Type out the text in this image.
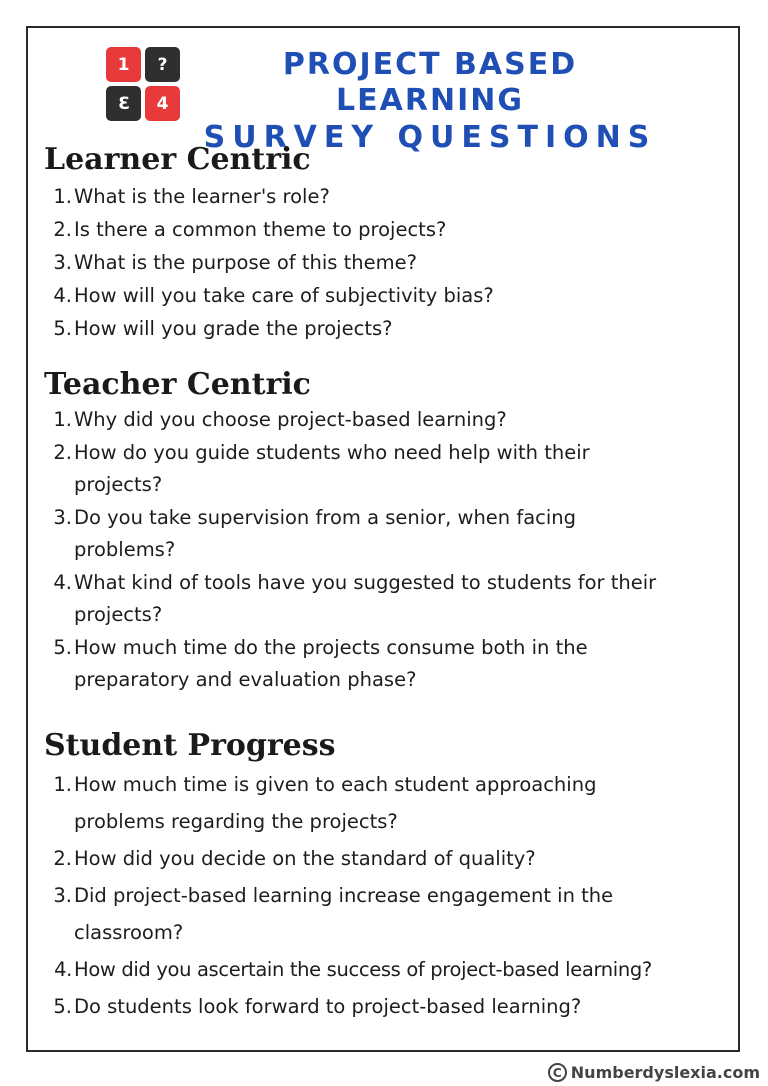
1	?
3	4
PROJECT BASED LEARNING
SURVEY QUESTIONS
Learner Centric
1. What is the learner's role?
2. Is there a common theme to projects?
3. What is the purpose of this theme?
4. How will you take care of subjectivity bias?
5. How will you grade the projects?
Teacher Centric
1. Why did you choose project-based learning?
2. How do you guide students who need help with their projects?
3. Do you take supervision from a senior, when facing problems?
4. What kind of tools have you suggested to students for their projects?
5. How much time do the projects consume both in the preparatory and evaluation phase?
Student Progress
1. How much time is given to each student approaching problems regarding the projects?
2. How did you decide on the standard of quality?
3. Did project-based learning increase engagement in the classroom?
4. How did you ascertain the success of project-based learning?
5. Do students look forward to project-based learning?
C Numberdyslexia.com
